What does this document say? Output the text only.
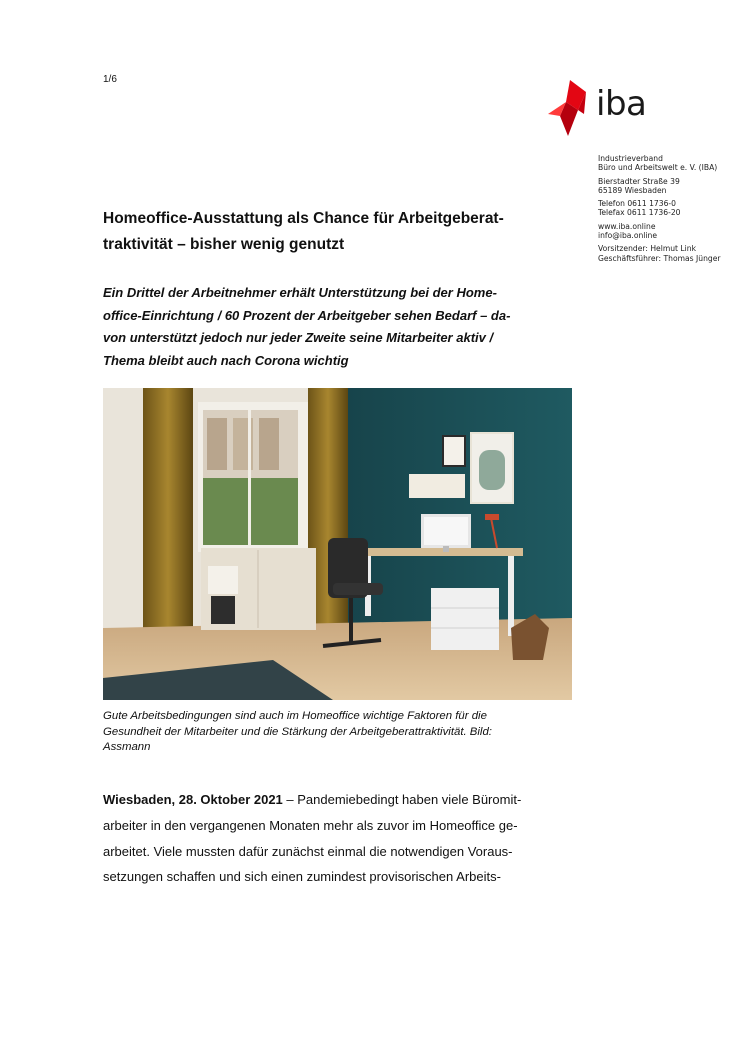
1/6
iba
Industrieverband
Büro und Arbeitswelt e. V. (IBA)
Bierstadter Straße 39
65189 Wiesbaden
Telefon 0611 1736-0
Telefax 0611 1736-20
www.iba.online
info@iba.online
Vorsitzender: Helmut Link
Geschäftsführer: Thomas Jünger
Homeoffice-Ausstattung als Chance für Arbeitgeberat-
traktivität – bisher wenig genutzt
Ein Drittel der Arbeitnehmer erhält Unterstützung bei der Home-
office-Einrichtung / 60 Prozent der Arbeitgeber sehen Bedarf – da-
von unterstützt jedoch nur jeder Zweite seine Mitarbeiter aktiv /
Thema bleibt auch nach Corona wichtig
Gute Arbeitsbedingungen sind auch im Homeoffice wichtige Faktoren für die
Gesundheit der Mitarbeiter und die Stärkung der Arbeitgeberattraktivität. Bild:
Assmann
Wiesbaden, 28. Oktober 2021 – Pandemiebedingt haben viele Büromit-
arbeiter in den vergangenen Monaten mehr als zuvor im Homeoffice ge-
arbeitet. Viele mussten dafür zunächst einmal die notwendigen Voraus-
setzungen schaffen und sich einen zumindest provisorischen Arbeits-
